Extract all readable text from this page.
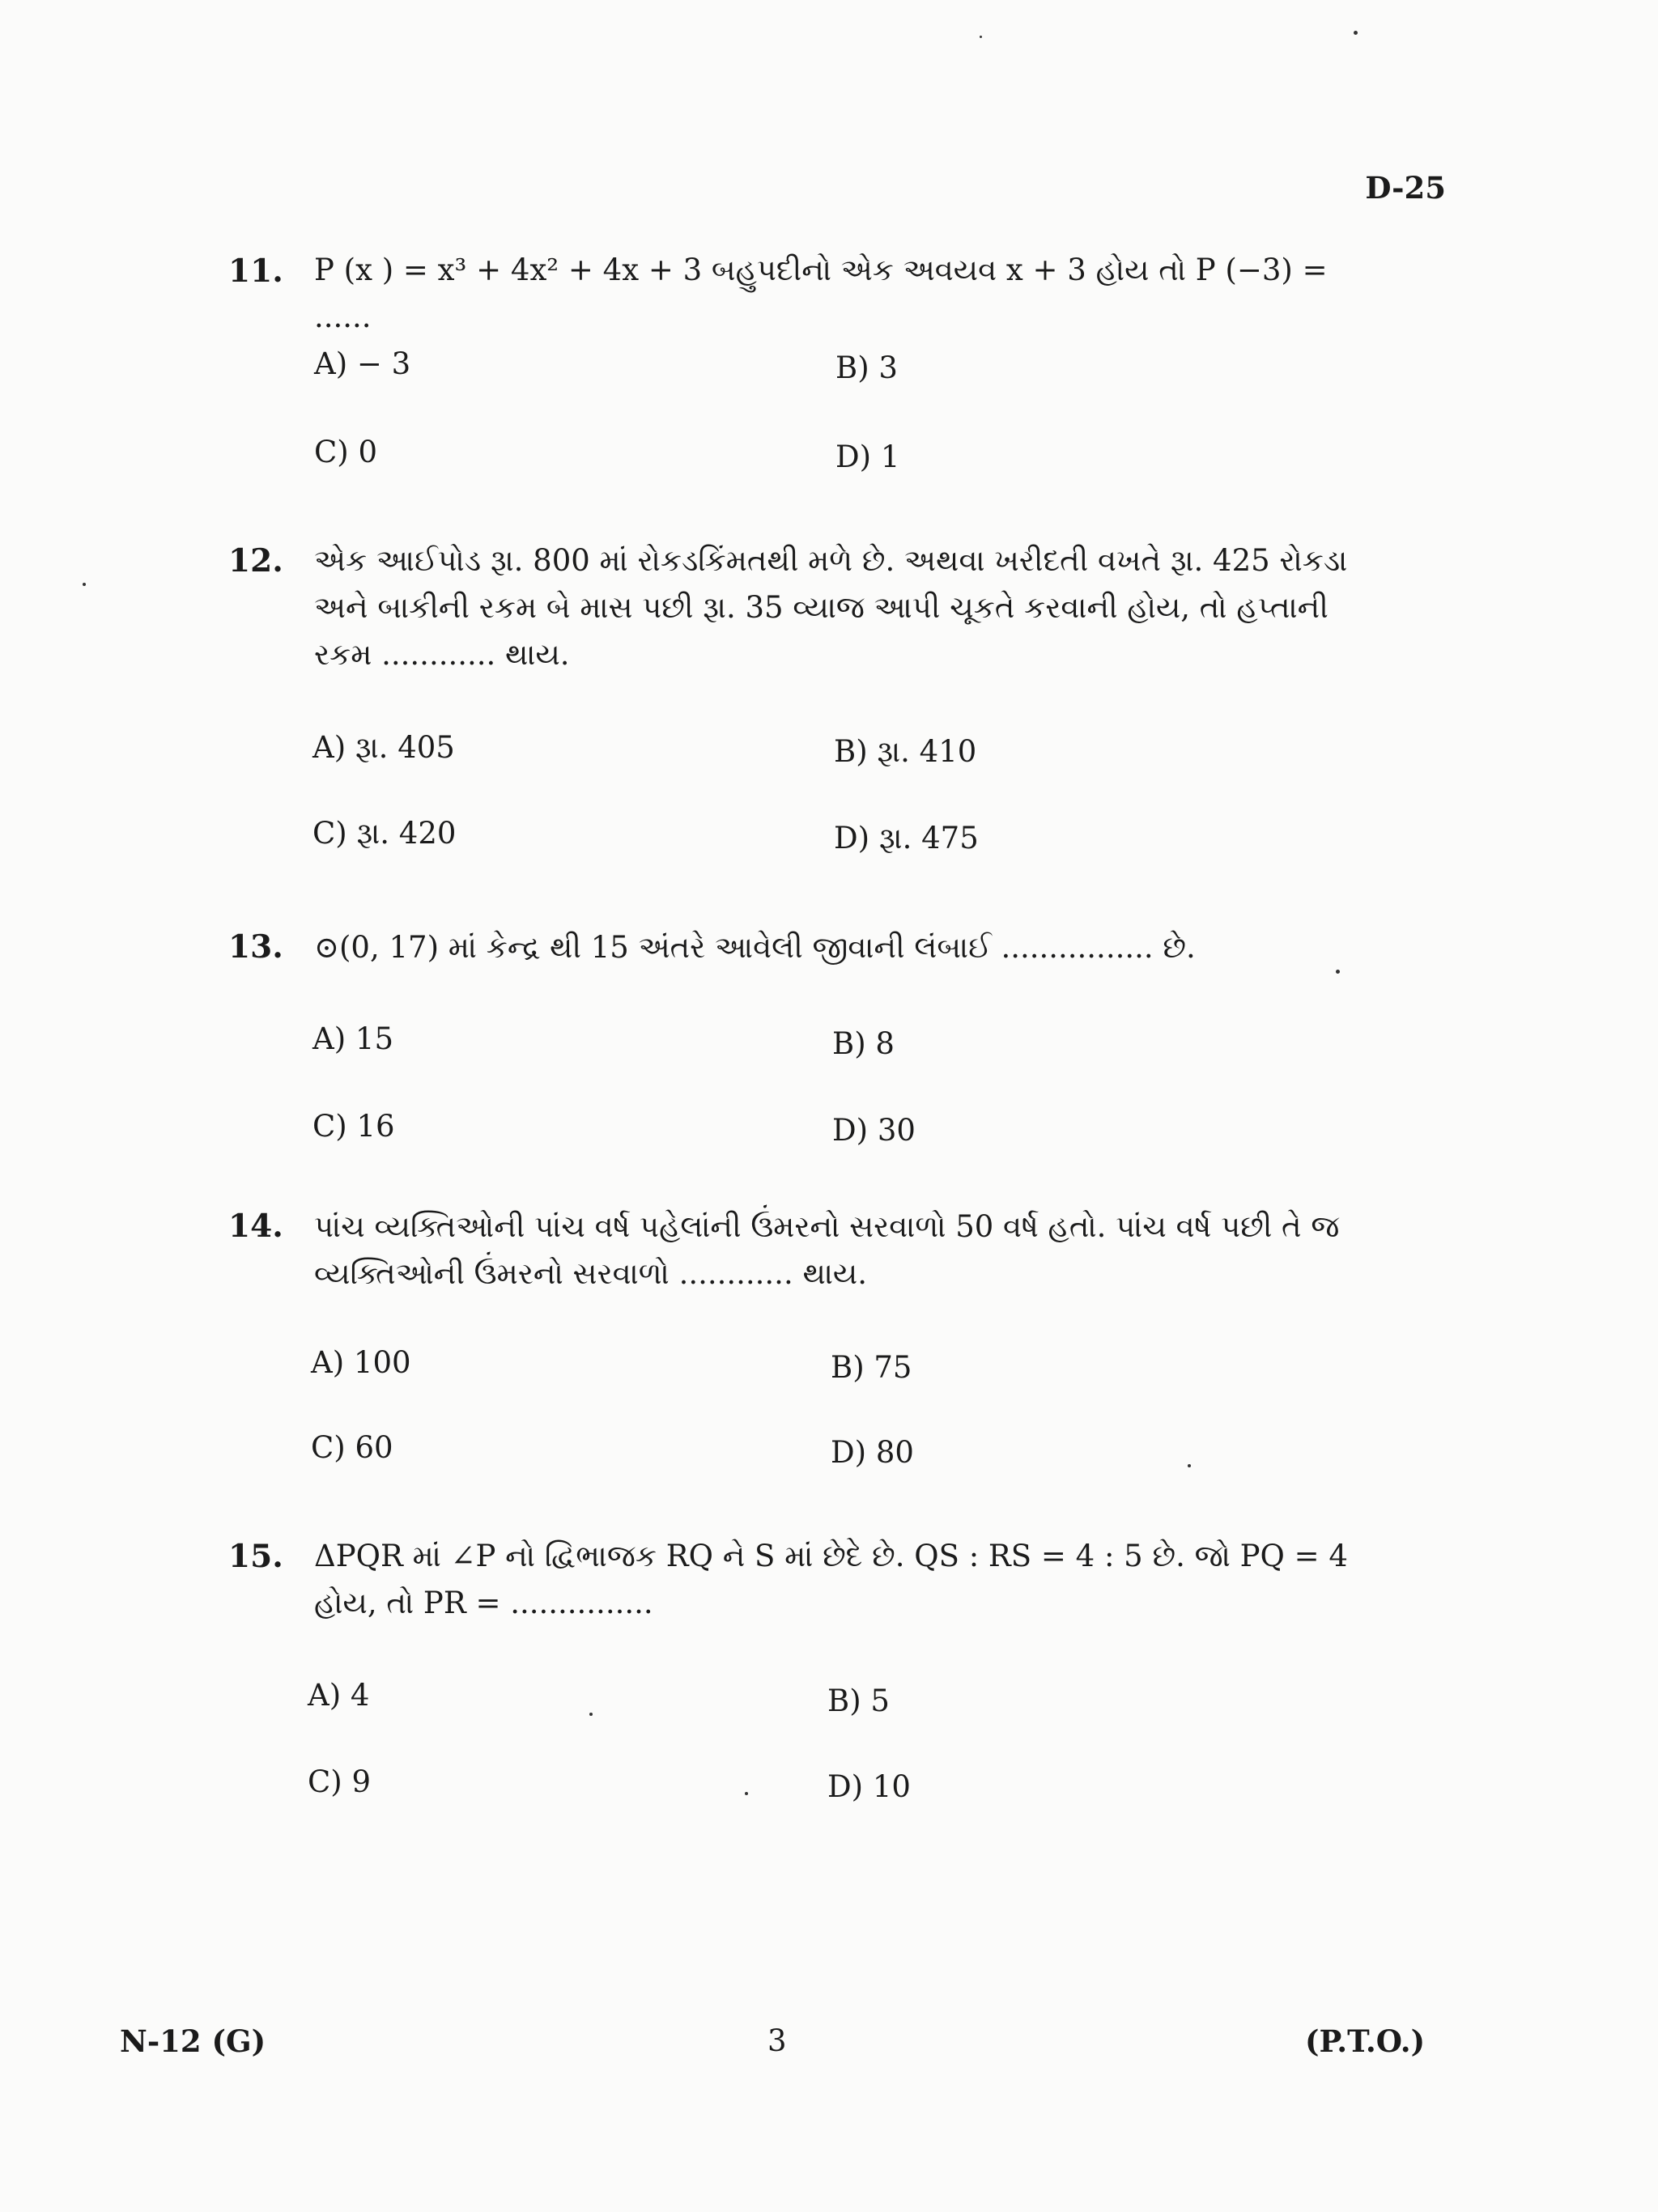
D-25
11. P (x ) = x³ + 4x² + 4x + 3 બહુપદીનો એક અવયવ x + 3 હોય તો P (−3) = ......
A) − 3	B) 3
C) 0	D) 1
12. એક આઈપોડ રૂા. 800 માં રોકડકિંમતથી મળે છે. અથવા ખરીદતી વખતે રૂા. 425 રોકડા અને બાકીની રકમ બે માસ પછી રૂા. 35 વ્યાજ આપી ચૂકતે કરવાની હોય, તો હપ્તાની રકમ ............ થાય.
A) રૂા. 405	B) રૂા. 410
C) રૂા. 420	D) રૂા. 475
13. ⊙(0, 17) માં કેન્દ્ર થી 15 અંતરે આવેલી જીવાની લંબાઈ ................ છે.
A) 15	B) 8
C) 16	D) 30
14. પાંચ વ્યક્તિઓની પાંચ વર્ષ પહેલાંની ઉંમરનો સરવાળો 50 વર્ષ હતો. પાંચ વર્ષ પછી તે જ વ્યક્તિઓની ઉંમરનો સરવાળો ............ થાય.
A) 100	B) 75
C) 60	D) 80
15. ΔPQR માં ∠P નો દ્વિભાજક RQ ને S માં છેદે છે. QS : RS = 4 : 5 છે. જો PQ = 4 હોય, તો PR = ...............
A) 4	B) 5
C) 9	D) 10
N-12 (G)	3	(P.T.O.)
